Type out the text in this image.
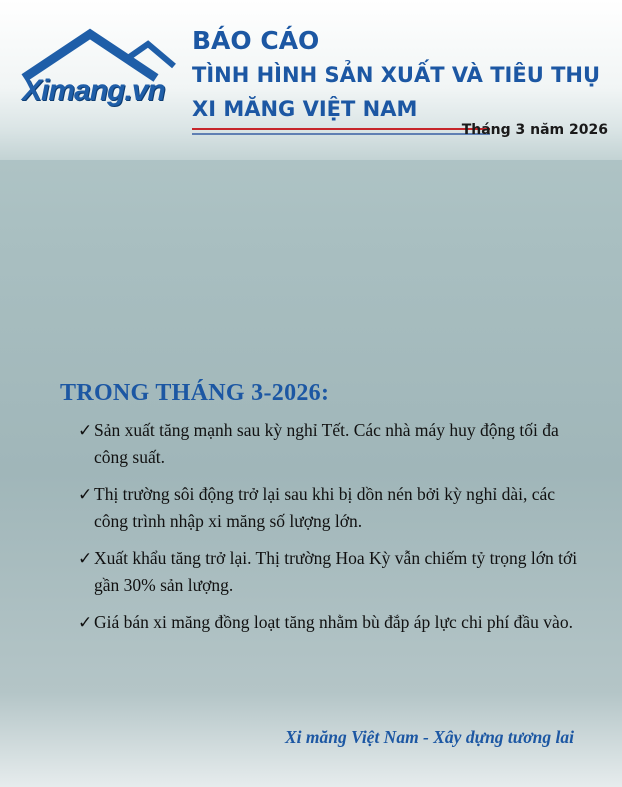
Ximang.vn
BÁO CÁO
TÌNH HÌNH SẢN XUẤT VÀ TIÊU THỤ
XI MĂNG VIỆT NAM
Tháng 3 năm 2026
TRONG THÁNG 3-2026:
✓ Sản xuất tăng mạnh sau kỳ nghỉ Tết. Các nhà máy huy động tối đa công suất.
✓ Thị trường sôi động trở lại sau khi bị dồn nén bởi kỳ nghỉ dài, các công trình nhập xi măng số lượng lớn.
✓ Xuất khẩu tăng trở lại. Thị trường Hoa Kỳ vẫn chiếm tỷ trọng lớn tới gần 30% sản lượng.
✓ Giá bán xi măng đồng loạt tăng nhằm bù đắp áp lực chi phí đầu vào.
Xi măng Việt Nam - Xây dựng tương lai
